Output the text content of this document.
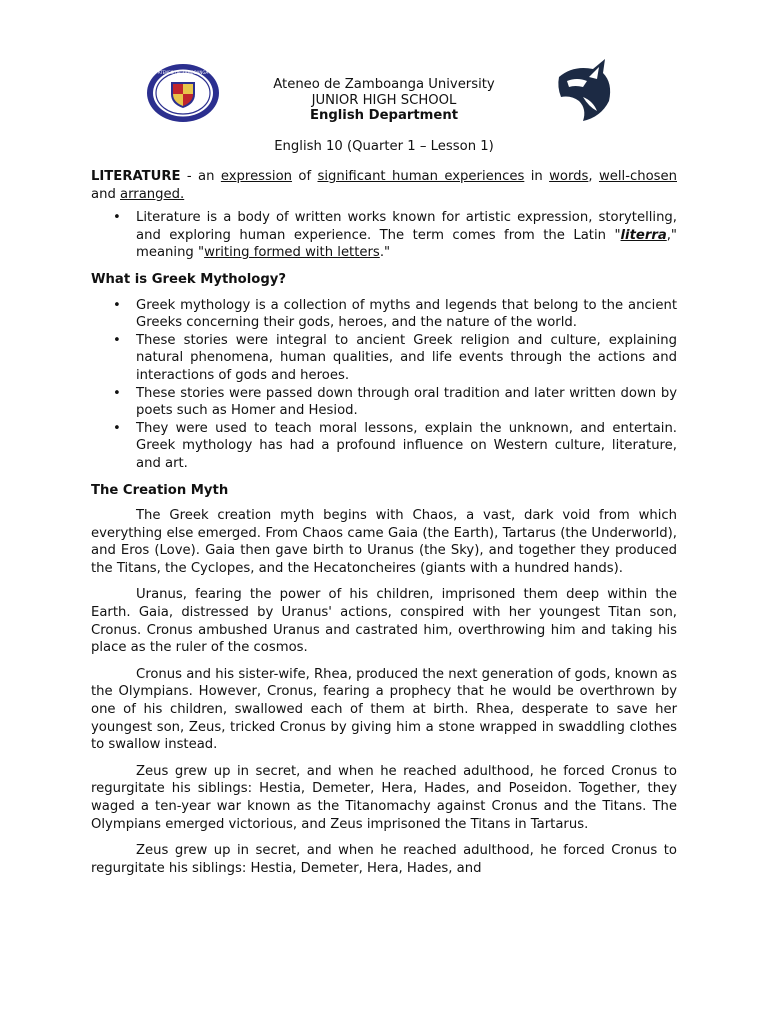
ATENEO DE ZAMBOANGA
Ateneo de Zamboanga University
JUNIOR HIGH SCHOOL
English Department
English 10 (Quarter 1 – Lesson 1)

LITERATURE - an expression of significant human experiences in words, well-chosen and arranged.

• Literature is a body of written works known for artistic expression, storytelling, and exploring human experience. The term comes from the Latin "literra," meaning "writing formed with letters."
What is Greek Mythology?
• Greek mythology is a collection of myths and legends that belong to the ancient Greeks concerning their gods, heroes, and the nature of the world.
• These stories were integral to ancient Greek religion and culture, explaining natural phenomena, human qualities, and life events through the actions and interactions of gods and heroes.
• These stories were passed down through oral tradition and later written down by poets such as Homer and Hesiod.
• They were used to teach moral lessons, explain the unknown, and entertain. Greek mythology has had a profound influence on Western culture, literature, and art.
The Creation Myth

The Greek creation myth begins with Chaos, a vast, dark void from which everything else emerged. From Chaos came Gaia (the Earth), Tartarus (the Underworld), and Eros (Love). Gaia then gave birth to Uranus (the Sky), and together they produced the Titans, the Cyclopes, and the Hecatoncheires (giants with a hundred hands).

Uranus, fearing the power of his children, imprisoned them deep within the Earth. Gaia, distressed by Uranus' actions, conspired with her youngest Titan son, Cronus. Cronus ambushed Uranus and castrated him, overthrowing him and taking his place as the ruler of the cosmos.

Cronus and his sister-wife, Rhea, produced the next generation of gods, known as the Olympians. However, Cronus, fearing a prophecy that he would be overthrown by one of his children, swallowed each of them at birth. Rhea, desperate to save her youngest son, Zeus, tricked Cronus by giving him a stone wrapped in swaddling clothes to swallow instead.

Zeus grew up in secret, and when he reached adulthood, he forced Cronus to regurgitate his siblings: Hestia, Demeter, Hera, Hades, and Poseidon. Together, they waged a ten-year war known as the Titanomachy against Cronus and the Titans. The Olympians emerged victorious, and Zeus imprisoned the Titans in Tartarus.

Zeus grew up in secret, and when he reached adulthood, he forced Cronus to regurgitate his siblings: Hestia, Demeter, Hera, Hades, and
